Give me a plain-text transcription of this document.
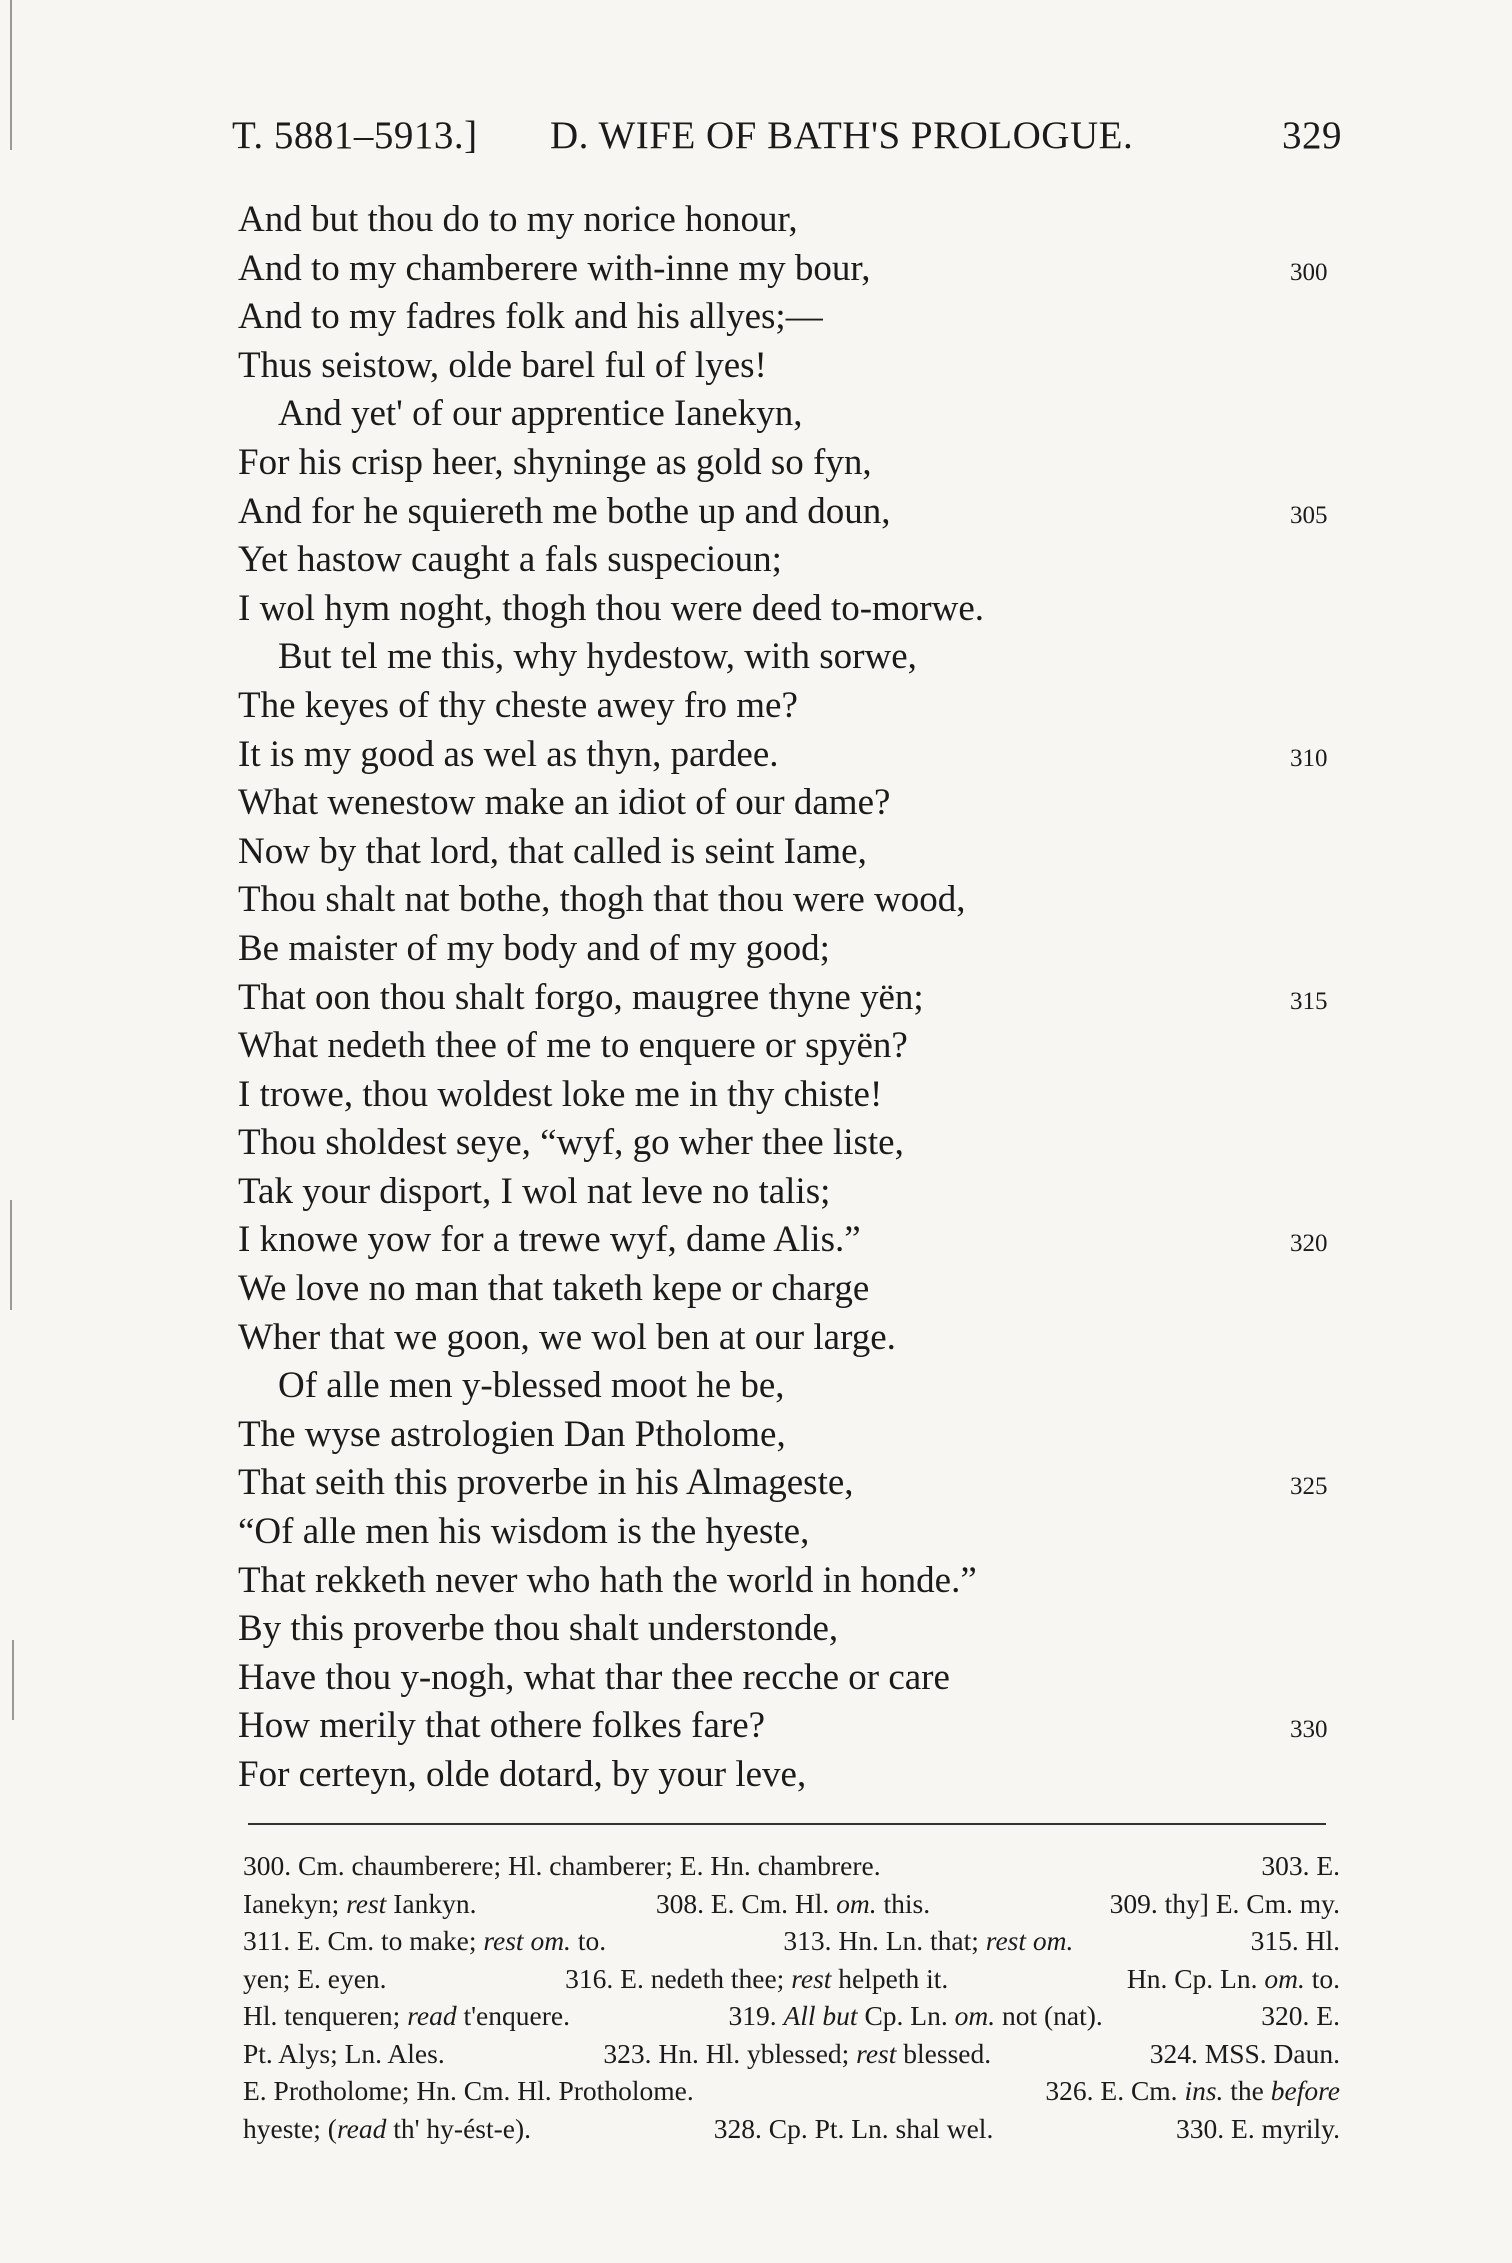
T. 5881–5913.] D. WIFE OF BATH'S PROLOGUE.	329
And but thou do to my norice honour,
And to my chamberere with-inne my bour,	300
And to my fadres folk and his allyes;—
Thus seistow, olde barel ful of lyes!
And yet' of our apprentice Ianekyn,
For his crisp heer, shyninge as gold so fyn,
And for he squiereth me bothe up and doun,	305
Yet hastow caught a fals suspecioun;
I wol hym noght, thogh thou were deed to-morwe.
But tel me this, why hydestow, with sorwe,
The keyes of thy cheste awey fro me?
It is my good as wel as thyn, pardee.	310
What wenestow make an idiot of our dame?
Now by that lord, that called is seint Iame,
Thou shalt nat bothe, thogh that thou were wood,
Be maister of my body and of my good;
That oon thou shalt forgo, maugree thyne yën;	315
What nedeth thee of me to enquere or spyën?
I trowe, thou woldest loke me in thy chiste!
Thou sholdest seye, “wyf, go wher thee liste,
Tak your disport, I wol nat leve no talis;
I knowe yow for a trewe wyf, dame Alis.”	320
We love no man that taketh kepe or charge
Wher that we goon, we wol ben at our large.
Of alle men y-blessed moot he be,
The wyse astrologien Dan Ptholome,
That seith this proverbe in his Almageste,	325
“Of alle men his wisdom is the hyeste,
That rekketh never who hath the world in honde.”
By this proverbe thou shalt understonde,
Have thou y-nogh, what thar thee recche or care
How merily that othere folkes fare?	330
For certeyn, olde dotard, by your leve,
300. Cm. chaumberere; Hl. chamberer; E. Hn. chambrere.	303. E.
Ianekyn; rest Iankyn.	308. E. Cm. Hl. om. this.	309. thy] E. Cm. my.
311. E. Cm. to make; rest om. to.	313. Hn. Ln. that; rest om.	315. Hl.
yen; E. eyen.	316. E. nedeth thee; rest helpeth it.	Hn. Cp. Ln. om. to.
Hl. tenqueren; read t'enquere.	319. All but Cp. Ln. om. not (nat).	320. E.
Pt. Alys; Ln. Ales.	323. Hn. Hl. yblessed; rest blessed.	324. MSS. Daun.
E. Protholome; Hn. Cm. Hl. Protholome.	326. E. Cm. ins. the before
hyeste; (read th' hy-ést-e).	328. Cp. Pt. Ln. shal wel.	330. E. myrily.
